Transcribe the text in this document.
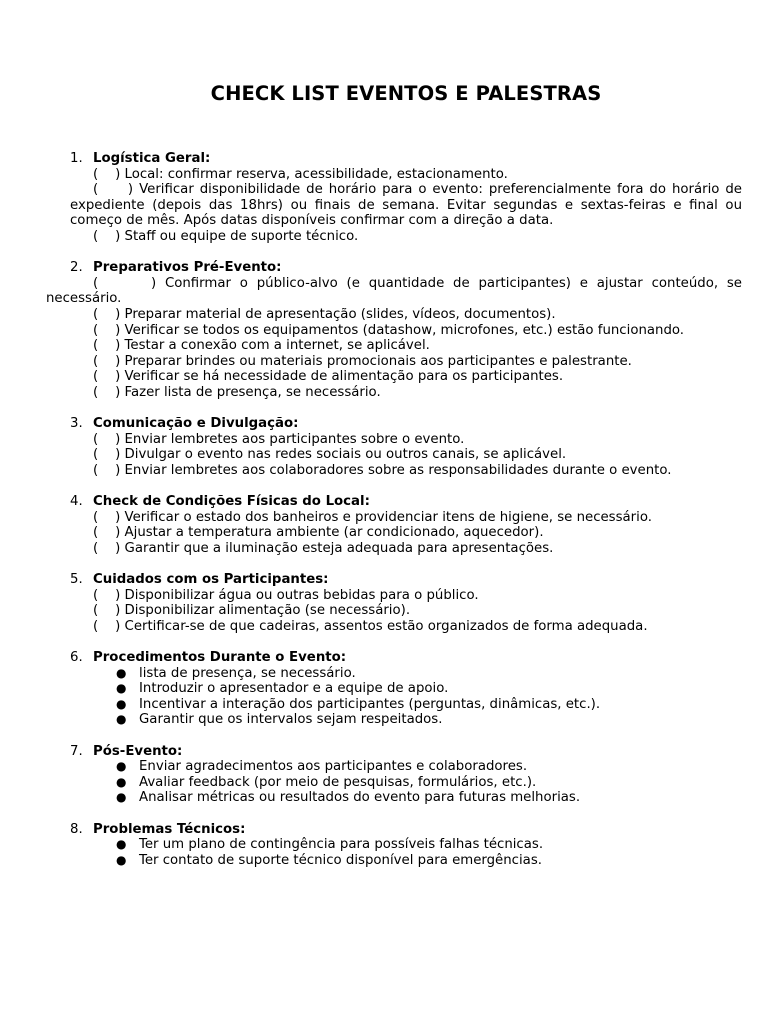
CHECK LIST EVENTOS E PALESTRAS
1. Logística Geral:
(    ) Local: confirmar reserva, acessibilidade, estacionamento.
(     ) Verificar disponibilidade de horário para o evento: preferencialmente fora do horário de expediente (depois das 18hrs) ou finais de semana. Evitar segundas e sextas-feiras e final ou começo de mês. Após datas disponíveis confirmar com a direção a data.
(    ) Staff ou equipe de suporte técnico.
2. Preparativos Pré-Evento:
(      ) Confirmar o público-alvo (e quantidade de participantes) e ajustar conteúdo, se necessário.
(    ) Preparar material de apresentação (slides, vídeos, documentos).
(    ) Verificar se todos os equipamentos (datashow, microfones, etc.) estão funcionando.
(    ) Testar a conexão com a internet, se aplicável.
(    ) Preparar brindes ou materiais promocionais aos participantes e palestrante.
(    ) Verificar se há necessidade de alimentação para os participantes.
(    ) Fazer lista de presença, se necessário.
3. Comunicação e Divulgação:
(    ) Enviar lembretes aos participantes sobre o evento.
(    ) Divulgar o evento nas redes sociais ou outros canais, se aplicável.
(    ) Enviar lembretes aos colaboradores sobre as responsabilidades durante o evento.
4. Check de Condições Físicas do Local:
(    ) Verificar o estado dos banheiros e providenciar itens de higiene, se necessário.
(    ) Ajustar a temperatura ambiente (ar condicionado, aquecedor).
(    ) Garantir que a iluminação esteja adequada para apresentações.
5. Cuidados com os Participantes:
(    ) Disponibilizar água ou outras bebidas para o público.
(    ) Disponibilizar alimentação (se necessário).
(    ) Certificar-se de que cadeiras, assentos estão organizados de forma adequada.
6. Procedimentos Durante o Evento:
● lista de presença, se necessário.
● Introduzir o apresentador e a equipe de apoio.
● Incentivar a interação dos participantes (perguntas, dinâmicas, etc.).
● Garantir que os intervalos sejam respeitados.
7. Pós-Evento:
● Enviar agradecimentos aos participantes e colaboradores.
● Avaliar feedback (por meio de pesquisas, formulários, etc.).
● Analisar métricas ou resultados do evento para futuras melhorias.
8. Problemas Técnicos:
● Ter um plano de contingência para possíveis falhas técnicas.
● Ter contato de suporte técnico disponível para emergências.
